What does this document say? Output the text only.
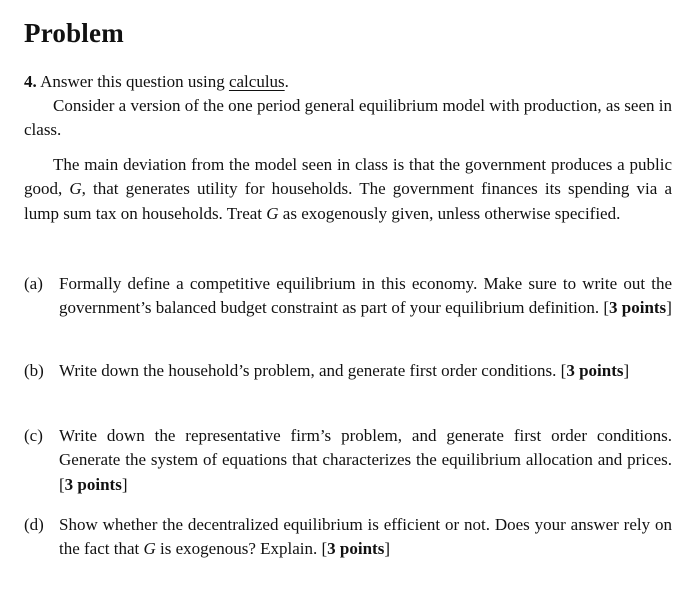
Problem
4. Answer this question using calculus.

Consider a version of the one period general equilibrium model with production, as seen in class.

The main deviation from the model seen in class is that the government produces a public good, G, that generates utility for households. The government finances its spending via a lump sum tax on households. Treat G as exogenously given, unless otherwise specified.

(a) Formally define a competitive equilibrium in this economy. Make sure to write out the government’s balanced budget constraint as part of your equilibrium definition. [3 points]
(b) Write down the household’s problem, and generate first order conditions. [3 points]
(c) Write down the representative firm’s problem, and generate first order conditions. Generate the system of equations that characterizes the equilibrium allocation and prices. [3 points]
(d) Show whether the decentralized equilibrium is efficient or not. Does your answer rely on the fact that G is exogenous? Explain. [3 points]
